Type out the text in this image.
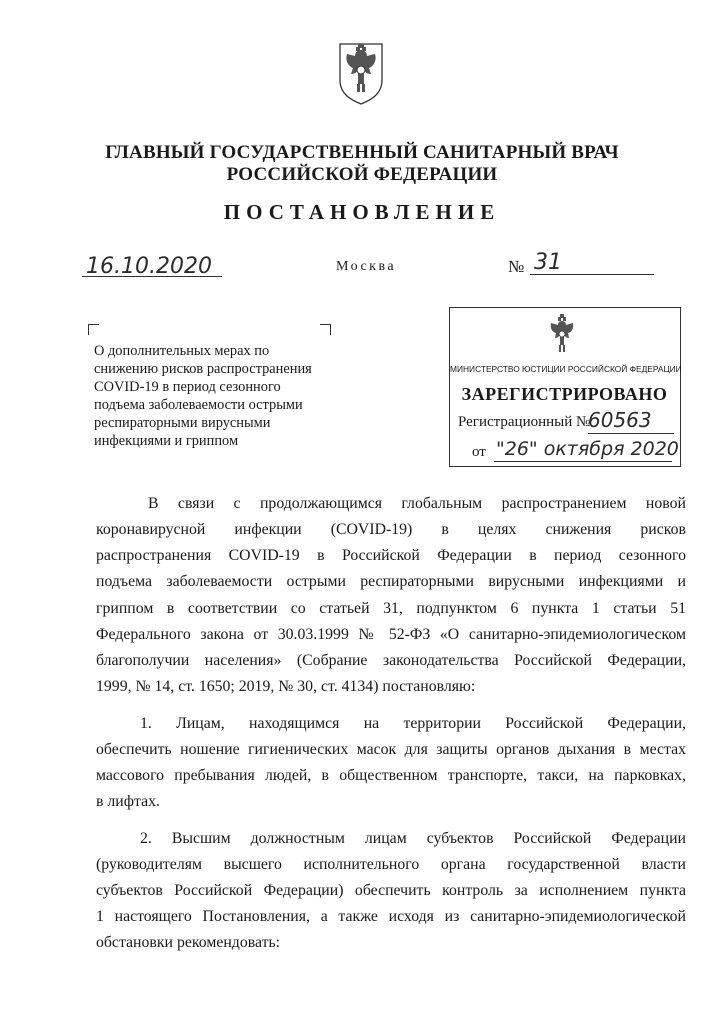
ГЛАВНЫЙ ГОСУДАРСТВЕННЫЙ САНИТАРНЫЙ ВРАЧ
РОССИЙСКОЙ ФЕДЕРАЦИИ
ПОСТАНОВЛЕНИЕ
16.10.2020	Москва	№ 31
О дополнительных мерах по
снижению рисков распространения
COVID-19 в период сезонного
подъема заболеваемости острыми
респираторными вирусными
инфекциями и гриппом
МИНИСТЕРСТВО ЮСТИЦИИ РОССИЙСКОЙ ФЕДЕРАЦИИ
ЗАРЕГИСТРИРОВАНО
Регистрационный №
60563
от "26" октября 2020
В связи с продолжающимся глобальным распространением новой
коронавирусной инфекции (COVID-19) в целях снижения рисков
распространения COVID-19 в Российской Федерации в период сезонного
подъема заболеваемости острыми респираторными вирусными инфекциями и
гриппом в соответствии со статьей 31, подпунктом 6 пункта 1 статьи 51
Федерального закона от 30.03.1999 № 52-ФЗ «О санитарно-эпидемиологическом
благополучии населения» (Собрание законодательства Российской Федерации,
1999, № 14, ст. 1650; 2019, № 30, ст. 4134) постановляю:
1. Лицам, находящимся на территории Российской Федерации,
обеспечить ношение гигиенических масок для защиты органов дыхания в местах
массового пребывания людей, в общественном транспорте, такси, на парковках,
в лифтах.
2. Высшим должностным лицам субъектов Российской Федерации
(руководителям высшего исполнительного органа государственной власти
субъектов Российской Федерации) обеспечить контроль за исполнением пункта
1 настоящего Постановления, а также исходя из санитарно-эпидемиологической
обстановки рекомендовать:
